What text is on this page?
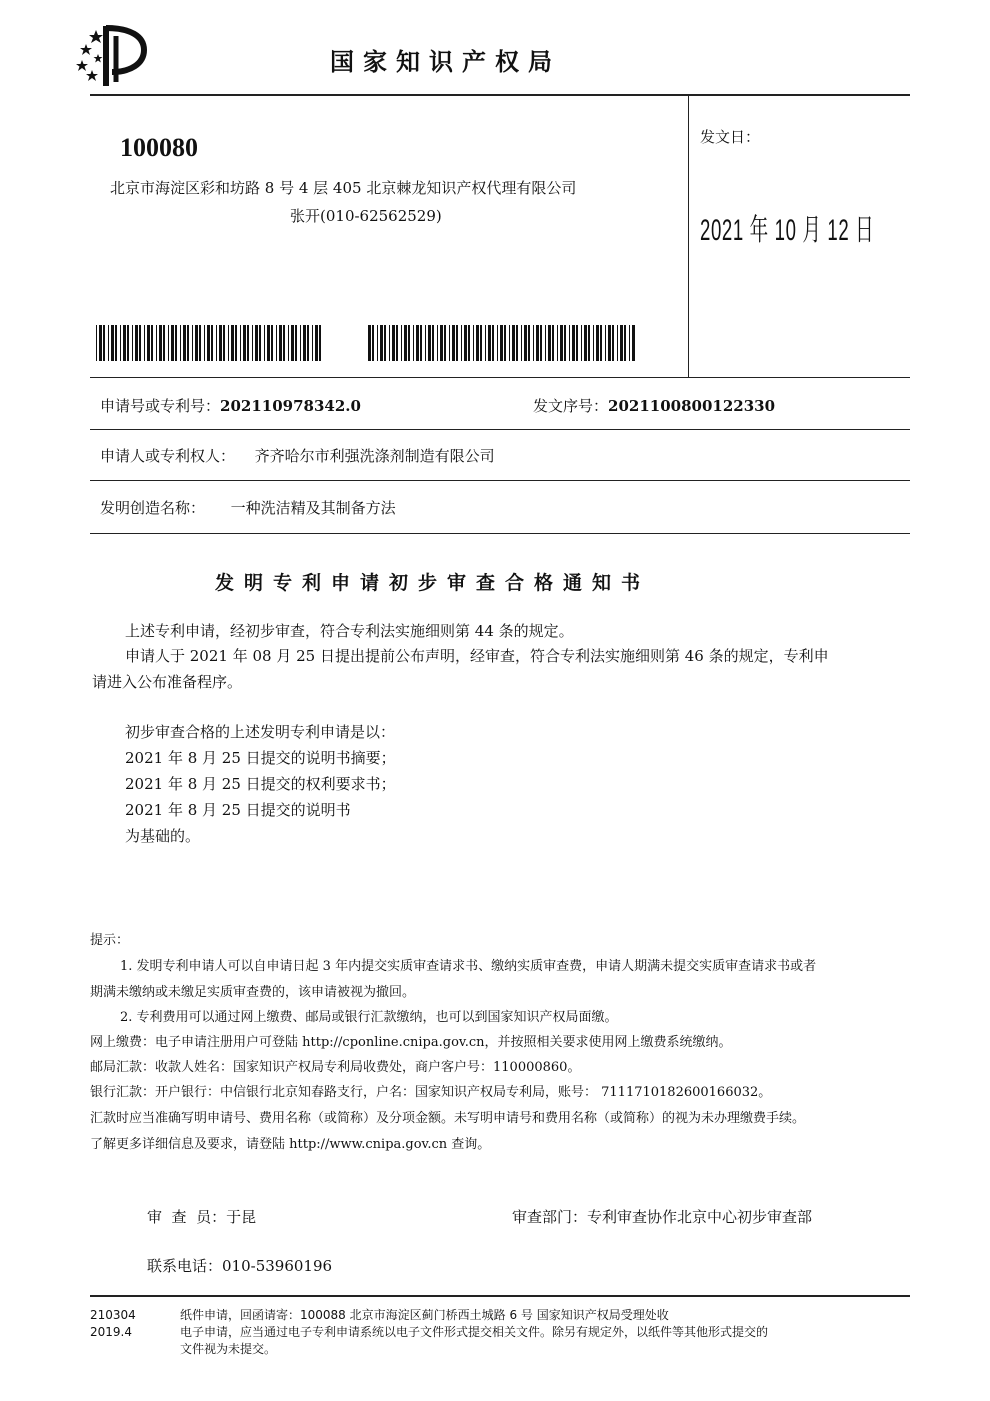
国家知识产权局
100080
北京市海淀区彩和坊路 8 号 4 层 405 北京棘龙知识产权代理有限公司
张开(010-62562529)
发文日：
2021 年 10 月 12 日
申请号或专利号：202110978342.0	发文序号：2021100800122330
申请人或专利权人： 齐齐哈尔市利强洗涤剂制造有限公司
发明创造名称： 一种洗洁精及其制备方法
发明专利申请初步审查合格通知书
上述专利申请，经初步审查，符合专利法实施细则第 44 条的规定。
申请人于 2021 年 08 月 25 日提出提前公布声明，经审查，符合专利法实施细则第 46 条的规定，专利申
请进入公布准备程序。
初步审查合格的上述发明专利申请是以：
2021 年 8 月 25 日提交的说明书摘要；
2021 年 8 月 25 日提交的权利要求书；
2021 年 8 月 25 日提交的说明书
为基础的。
提示：
1. 发明专利申请人可以自申请日起 3 年内提交实质审查请求书、缴纳实质审查费，申请人期满未提交实质审查请求书或者
期满未缴纳或未缴足实质审查费的，该申请被视为撤回。
2. 专利费用可以通过网上缴费、邮局或银行汇款缴纳，也可以到国家知识产权局面缴。
网上缴费：电子申请注册用户可登陆 http://cponline.cnipa.gov.cn，并按照相关要求使用网上缴费系统缴纳。
邮局汇款：收款人姓名：国家知识产权局专利局收费处，商户客户号：110000860。
银行汇款：开户银行：中信银行北京知春路支行，户名：国家知识产权局专利局，账号： 7111710182600166032。
汇款时应当准确写明申请号、费用名称（或简称）及分项金额。未写明申请号和费用名称（或简称）的视为未办理缴费手续。
了解更多详细信息及要求，请登陆 http://www.cnipa.gov.cn 查询。
审  查  员：于昆	审查部门：专利审查协作北京中心初步审查部
联系电话：010-53960196
210304
2019.4
纸件申请，回函请寄：100088 北京市海淀区蓟门桥西土城路 6 号 国家知识产权局受理处收
电子申请，应当通过电子专利申请系统以电子文件形式提交相关文件。除另有规定外，以纸件等其他形式提交的
文件视为未提交。
